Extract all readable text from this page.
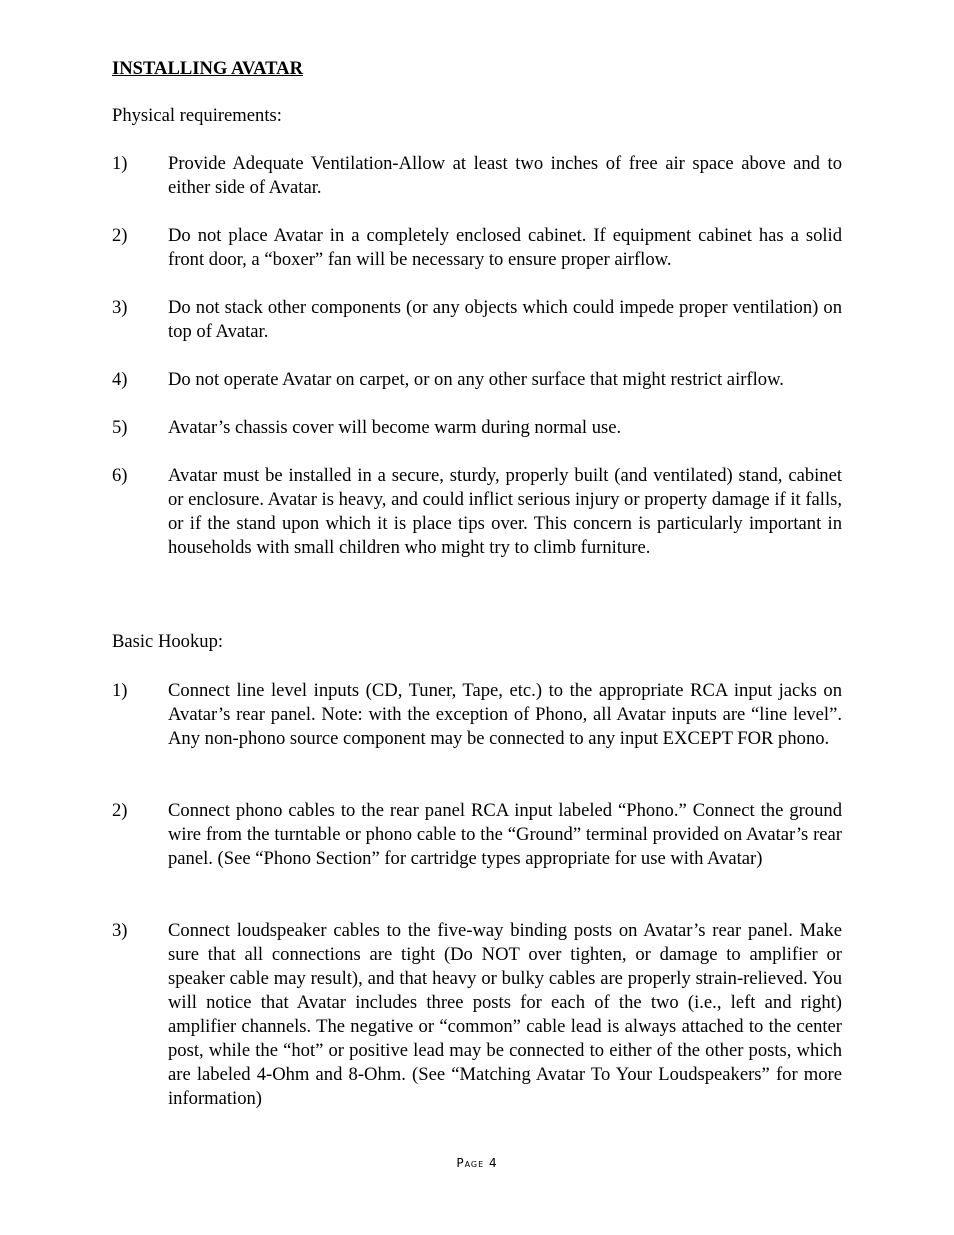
INSTALLING AVATAR
Physical requirements:
1)	Provide Adequate Ventilation-Allow at least two inches of free air space above and to either side of Avatar.
2)	Do not place Avatar in a completely enclosed cabinet. If equipment cabinet has a solid front door, a “boxer” fan will be necessary to ensure proper airflow.
3)	Do not stack other components (or any objects which could impede proper ventilation) on top of Avatar.
4)	Do not operate Avatar on carpet, or on any other surface that might restrict airflow.
5)	Avatar’s chassis cover will become warm during normal use.
6)	Avatar must be installed in a secure, sturdy, properly built (and ventilated) stand, cabinet or enclosure. Avatar is heavy, and could inflict serious injury or property damage if it falls, or if the stand upon which it is place tips over. This concern is particularly important in households with small children who might try to climb furniture.
Basic Hookup:
1)	Connect line level inputs (CD, Tuner, Tape, etc.) to the appropriate RCA input jacks on Avatar’s rear panel. Note: with the exception of Phono, all Avatar inputs are “line level”. Any non-phono source component may be connected to any input EXCEPT FOR phono.
2)	Connect phono cables to the rear panel RCA input labeled “Phono.” Connect the ground wire from the turntable or phono cable to the “Ground” terminal provided on Avatar’s rear panel. (See “Phono Section” for cartridge types appropriate for use with Avatar)
3)	Connect loudspeaker cables to the five-way binding posts on Avatar’s rear panel. Make sure that all connections are tight (Do NOT over tighten, or damage to amplifier or speaker cable may result), and that heavy or bulky cables are properly strain-relieved. You will notice that Avatar includes three posts for each of the two (i.e., left and right) amplifier channels. The negative or “common” cable lead is always attached to the center post, while the “hot” or positive lead may be connected to either of the other posts, which are labeled 4-Ohm and 8-Ohm. (See “Matching Avatar To Your Loudspeakers” for more information)
Page 4
